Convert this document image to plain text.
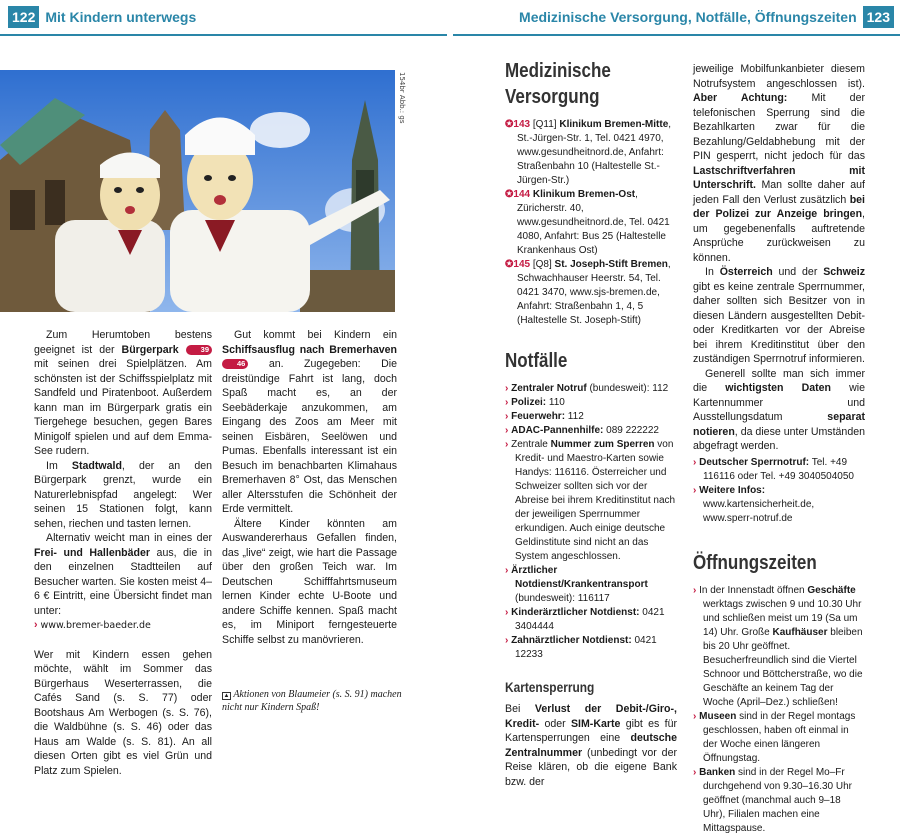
122 Mit Kindern unterwegs	Medizinische Versorgung, Notfälle, Öffnungszeiten 123
154br Abb.: gs

Zum Herumtoben bestens geeignet ist der Bürgerpark	39 mit seinen drei Spielplätzen. Am schönsten ist der Schiffsspielplatz mit Sandfeld und Piratenboot. Außerdem kann man im Bürgerpark gratis ein Tiergehege besuchen, gegen Bares Minigolf spielen und auf dem Emma-See rudern.

Im Stadtwald, der an den Bürgerpark grenzt, wurde ein Naturerlebnispfad angelegt: Wer seinen 15 Stationen folgt, kann sehen, riechen und tasten lernen.

Alternativ weicht man in eines der Frei- und Hallenbäder aus, die in den einzelnen Stadtteilen auf Besucher warten. Sie kosten meist 4–6 € Eintritt, eine Übersicht findet man unter:

› www.bremer-baeder.de

Wer mit Kindern essen gehen möchte, wählt im Sommer das Bürgerhaus Weserterrassen, die Cafés Sand (s. S. 77) oder Bootshaus Am Werbogen (s. S. 76), die Waldbühne (s. S. 46) oder das Haus am Walde (s. S. 81). An all diesen Orten gibt es viel Grün und Platz zum Spielen.

Gut kommt bei Kindern ein Schiffsausflug nach Bremerhaven 46 an. Zugegeben: Die dreistündige Fahrt ist lang, doch Spaß macht es, an der Seebäderkaje anzukommen, am Eingang des Zoos am Meer mit seinen Eisbären, Seelöwen und Pumas. Ebenfalls interessant ist ein Besuch im benachbarten Klimahaus Bremerhaven 8° Ost, das Menschen aller Altersstufen die Schönheit der Erde vermittelt.

Ältere Kinder könnten am Auswandererhaus Gefallen finden, das „live“ zeigt, wie hart die Passage über den großen Teich war. Im Deutschen Schifffahrtsmuseum lernen Kinder echte U-Boote und andere Schiffe kennen. Spaß macht es, im Miniport ferngesteuerte Schiffe selbst zu manövrieren.

▲ Aktionen von Blaumeier (s. S. 91) machen nicht nur Kindern Spaß!
Medizinische Versorgung
✪143 [Q11] Klinikum Bremen-Mitte, St.-Jürgen-Str. 1, Tel. 0421 4970, www.gesundheitnord.de, Anfahrt: Straßenbahn 10 (Haltestelle St.-Jürgen-Str.)
✪144 Klinikum Bremen-Ost, Züricherstr. 40, www.gesundheitnord.de, Tel. 0421 4080, Anfahrt: Bus 25 (Haltestelle Krankenhaus Ost)
✪145 [Q8] St. Joseph-Stift Bremen, Schwachhauser Heerstr. 54, Tel. 0421 3470, www.sjs-bremen.de, Anfahrt: Straßenbahn 1, 4, 5 (Haltestelle St. Joseph-Stift)
Notfälle
› Zentraler Notruf (bundesweit): 112
› Polizei: 110
› Feuerwehr: 112
› ADAC-Pannenhilfe: 089 222222
› Zentrale Nummer zum Sperren von Kredit- und Maestro-Karten sowie Handys: 116116. Österreicher und Schweizer sollten sich vor der Abreise bei ihrem Kreditinstitut nach der jeweiligen Sperrnummer erkundigen. Auch einige deutsche Geldinstitute sind nicht an das System angeschlossen.
› Ärztlicher Notdienst/Krankentransport (bundesweit): 116117
› Kinderärztlicher Notdienst: 0421 3404444
› Zahnärztlicher Notdienst: 0421 12233
Kartensperrung

Bei Verlust der Debit-/Giro-, Kredit- oder SIM-Karte gibt es für Kartensperrungen eine deutsche Zentralnummer (unbedingt vor der Reise klären, ob die eigene Bank bzw. der

jeweilige Mobilfunkanbieter diesem Notrufsystem angeschlossen ist). Aber Achtung: Mit der telefonischen Sperrung sind die Bezahlkarten zwar für die Bezahlung/Geldabhebung mit der PIN gesperrt, nicht jedoch für das Lastschriftverfahren mit Unterschrift. Man sollte daher auf jeden Fall den Verlust zusätzlich bei der Polizei zur Anzeige bringen, um gegebenenfalls auftretende Ansprüche zurückweisen zu können.

In Österreich und der Schweiz gibt es keine zentrale Sperrnummer, daher sollten sich Besitzer von in diesen Ländern ausgestellten Debit- oder Kreditkarten vor der Abreise bei ihrem Kreditinstitut über den zuständigen Sperrnotruf informieren.

Generell sollte man sich immer die wichtigsten Daten wie Kartennummer und Ausstellungsdatum separat notieren, da diese unter Umständen abgefragt werden.

› Deutscher Sperrnotruf: Tel. +49 116116 oder Tel. +49 3040504050
› Weitere Infos: www.kartensicherheit.de, www.sperr-notruf.de
Öffnungszeiten
› In der Innenstadt öffnen Geschäfte werktags zwischen 9 und 10.30 Uhr und schließen meist um 19 (Sa um 14) Uhr. Große Kaufhäuser bleiben bis 20 Uhr geöffnet. Besucherfreundlich sind die Viertel Schnoor und Böttcherstraße, wo die Geschäfte an keinem Tag der Woche (April–Dez.) schließen!
› Museen sind in der Regel montags geschlossen, haben oft einmal in der Woche einen längeren Öffnungstag.
› Banken sind in der Regel Mo–Fr durchgehend von 9.30–16.30 Uhr geöffnet (manchmal auch 9–18 Uhr), Filialen machen eine Mittagspause.
